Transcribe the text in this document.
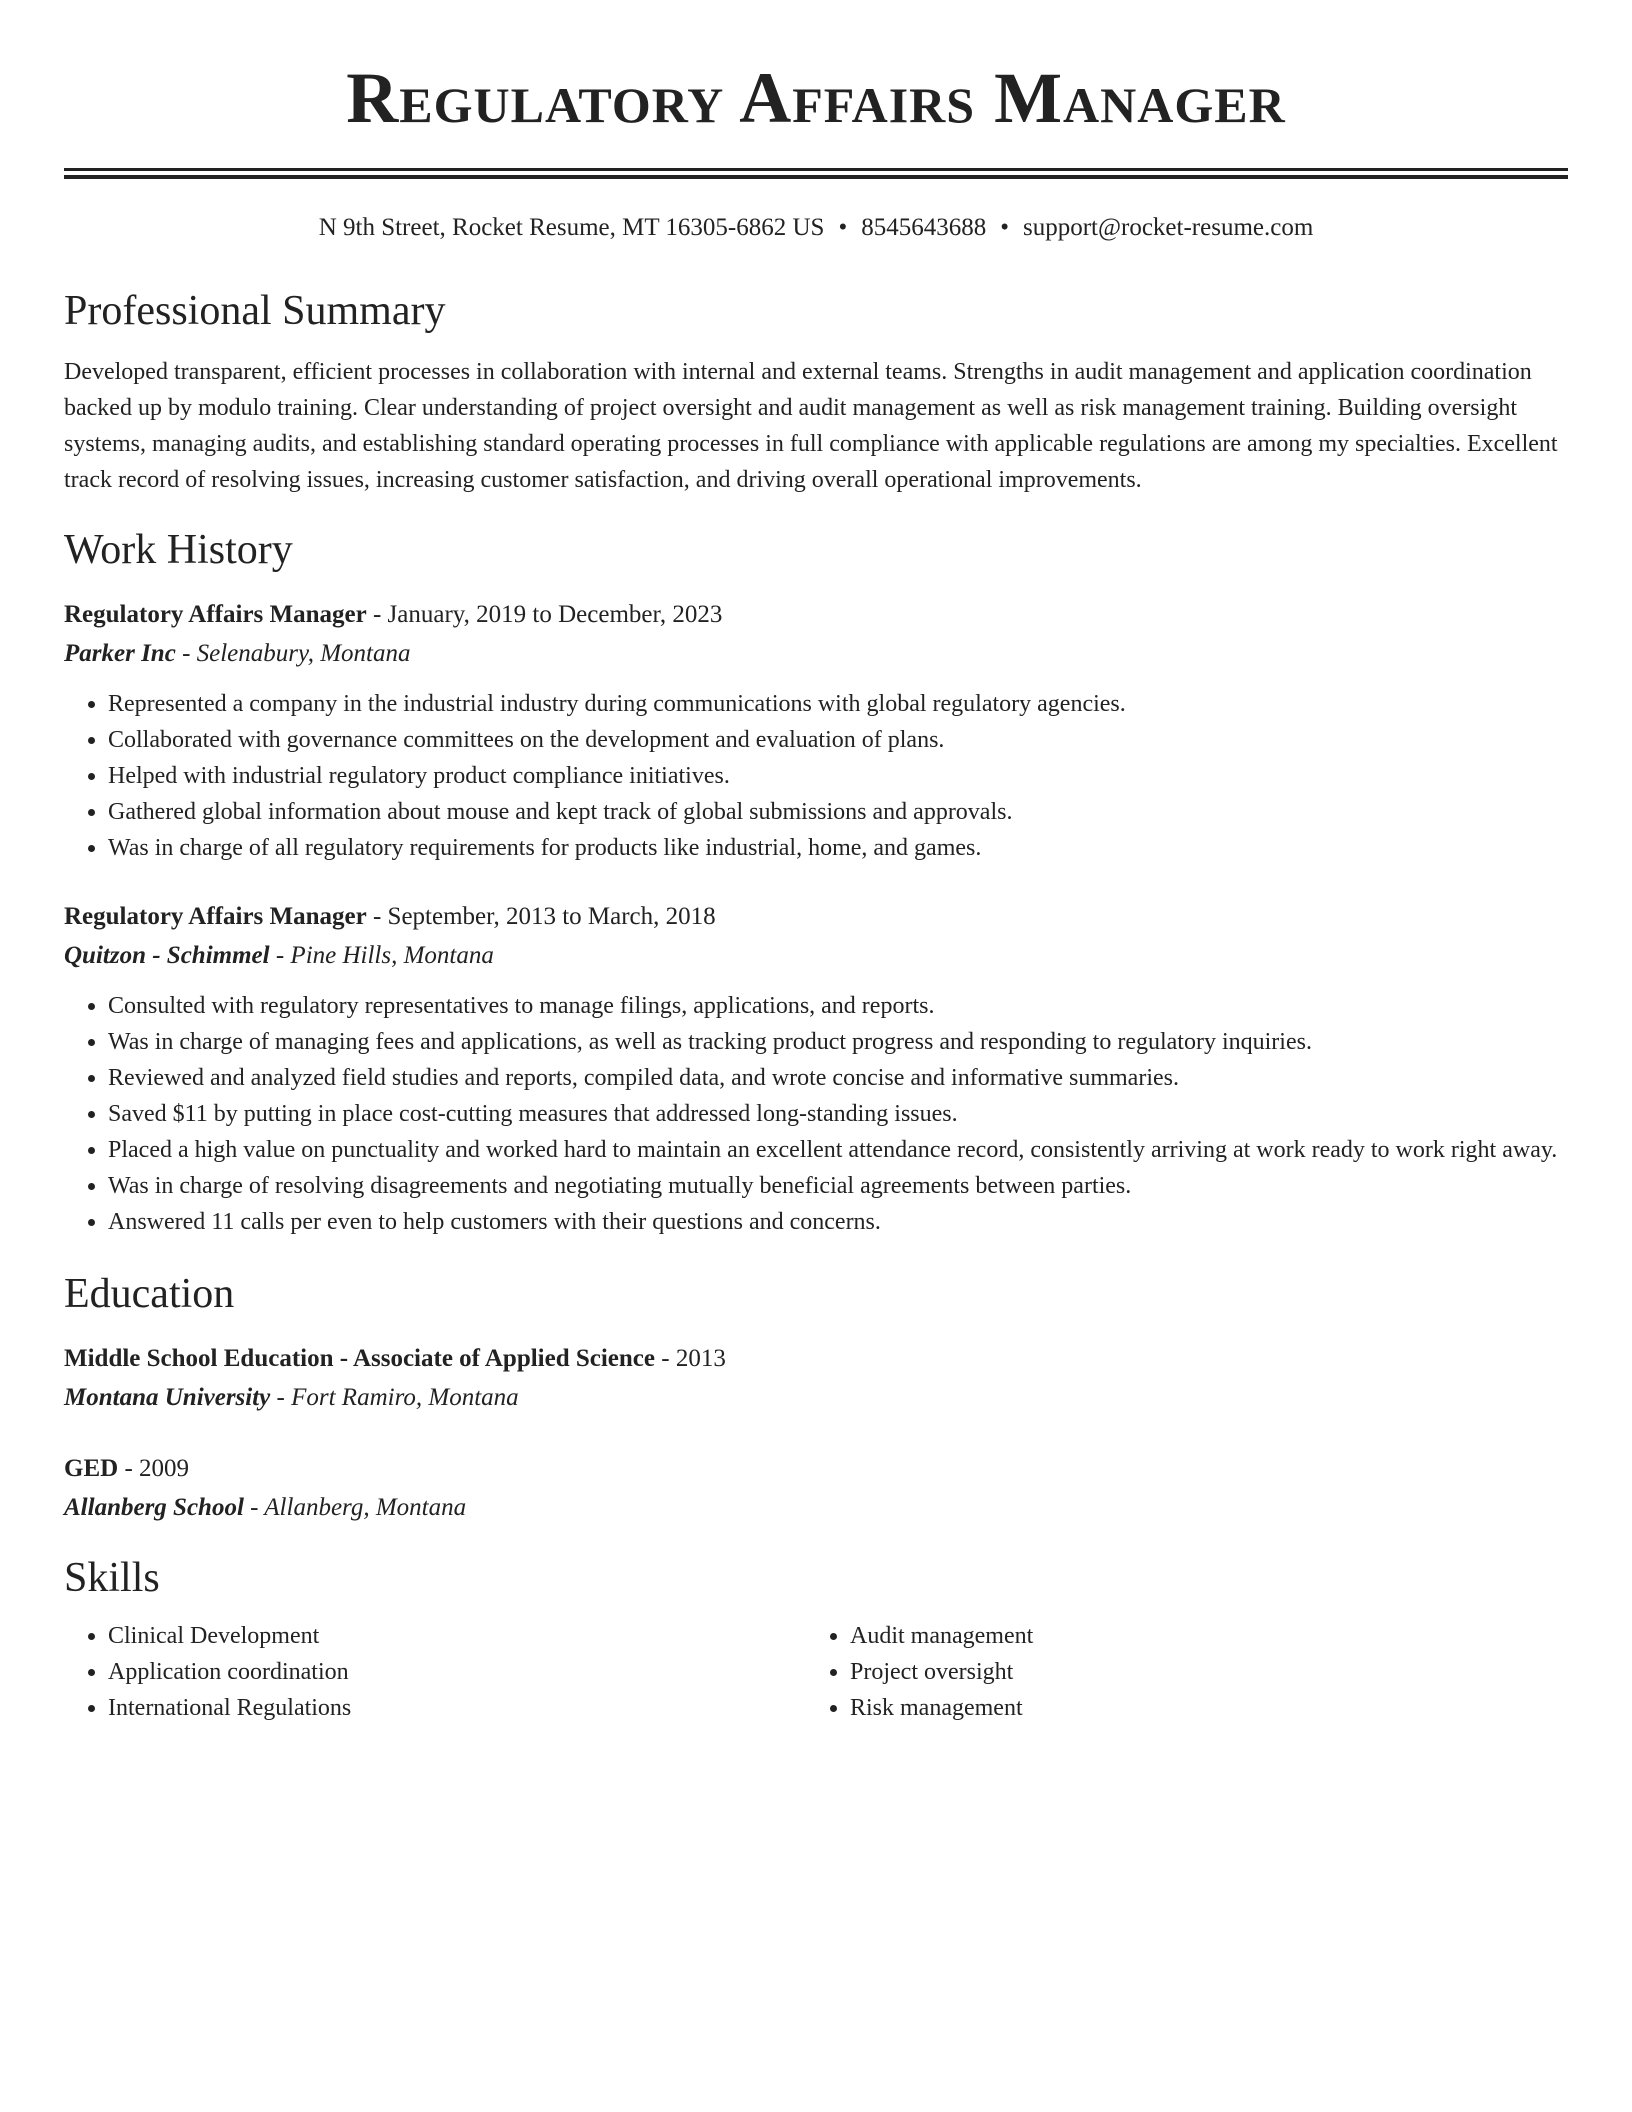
Regulatory Affairs Manager
N 9th Street, Rocket Resume, MT 16305-6862 US • 8545643688 • support@rocket-resume.com
Professional Summary
Developed transparent, efficient processes in collaboration with internal and external teams. Strengths in audit management and application coordination backed up by modulo training. Clear understanding of project oversight and audit management as well as risk management training. Building oversight systems, managing audits, and establishing standard operating processes in full compliance with applicable regulations are among my specialties. Excellent track record of resolving issues, increasing customer satisfaction, and driving overall operational improvements.
Work History
Regulatory Affairs Manager - January, 2019 to December, 2023
Parker Inc - Selenabury, Montana
• Represented a company in the industrial industry during communications with global regulatory agencies.
• Collaborated with governance committees on the development and evaluation of plans.
• Helped with industrial regulatory product compliance initiatives.
• Gathered global information about mouse and kept track of global submissions and approvals.
• Was in charge of all regulatory requirements for products like industrial, home, and games.
Regulatory Affairs Manager - September, 2013 to March, 2018
Quitzon - Schimmel - Pine Hills, Montana
• Consulted with regulatory representatives to manage filings, applications, and reports.
• Was in charge of managing fees and applications, as well as tracking product progress and responding to regulatory inquiries.
• Reviewed and analyzed field studies and reports, compiled data, and wrote concise and informative summaries.
• Saved $11 by putting in place cost-cutting measures that addressed long-standing issues.
• Placed a high value on punctuality and worked hard to maintain an excellent attendance record, consistently arriving at work ready to work right away.
• Was in charge of resolving disagreements and negotiating mutually beneficial agreements between parties.
• Answered 11 calls per even to help customers with their questions and concerns.
Education
Middle School Education - Associate of Applied Science - 2013
Montana University - Fort Ramiro, Montana
GED - 2009
Allanberg School - Allanberg, Montana
Skills
• Clinical Development
• Application coordination
• International Regulations
• Audit management
• Project oversight
• Risk management
